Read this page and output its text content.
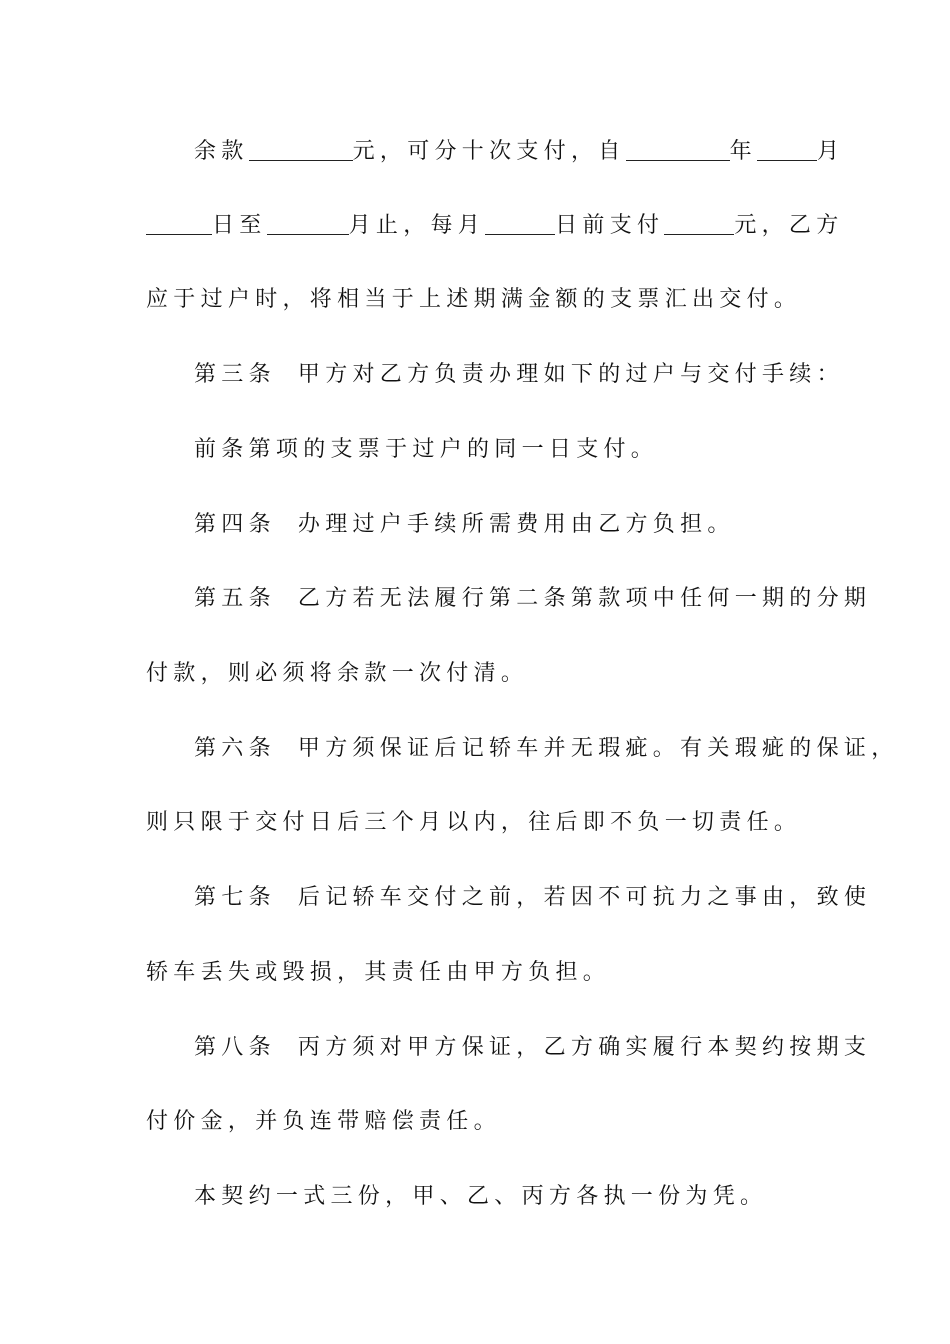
余款	元，可分十次支付，自	年	月
日至	月止，每月	日前支付	元，乙方
应于过户时，将相当于上述期满金额的支票汇出交付。
第三条 甲方对乙方负责办理如下的过户与交付手续：
前条第项的支票于过户的同一日支付。
第四条 办理过户手续所需费用由乙方负担。
第五条 乙方若无法履行第二条第款项中任何一期的分期
付款，则必须将余款一次付清。
第六条 甲方须保证后记轿车并无瑕疵。有关瑕疵的保证，
则只限于交付日后三个月以内，往后即不负一切责任。
第七条 后记轿车交付之前，若因不可抗力之事由，致使
轿车丢失或毁损，其责任由甲方负担。
第八条 丙方须对甲方保证，乙方确实履行本契约按期支
付价金，并负连带赔偿责任。
本契约一式三份，甲、乙、丙方各执一份为凭。
